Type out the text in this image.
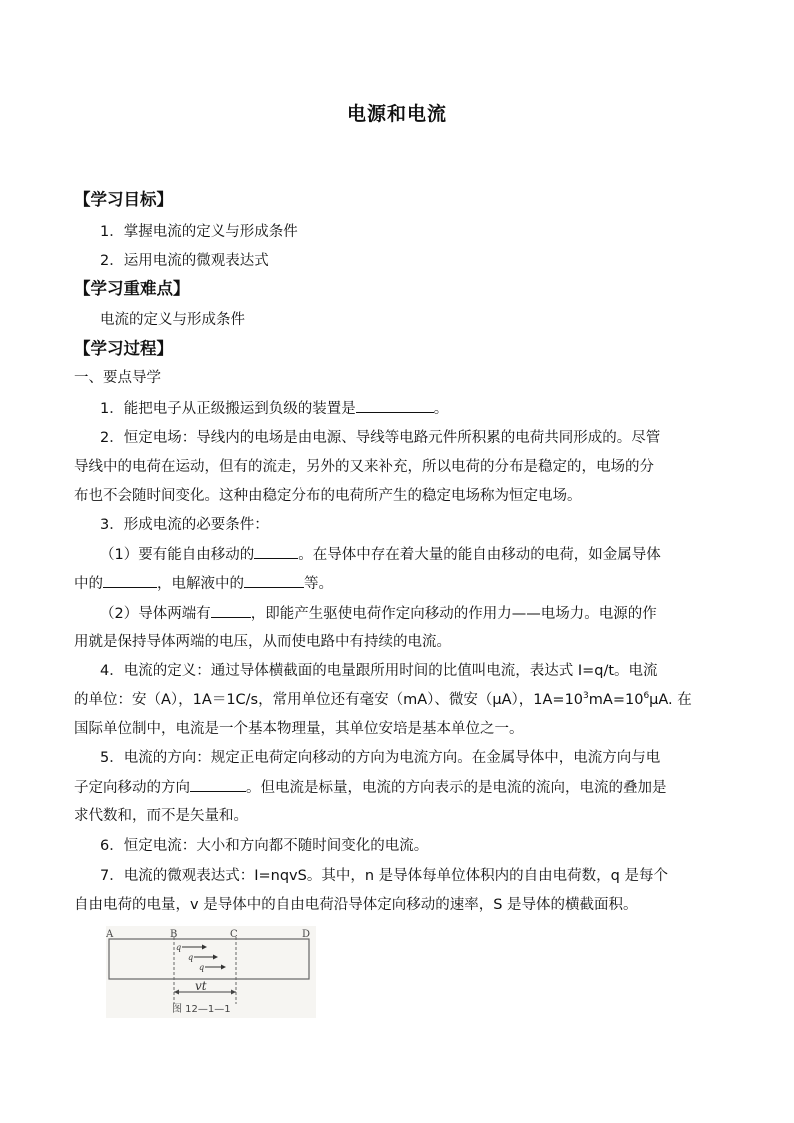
电源和电流
【学习目标】
1．掌握电流的定义与形成条件
2．运用电流的微观表达式
【学习重难点】
电流的定义与形成条件
【学习过程】
一、要点导学
1．能把电子从正级搬运到负级的装置是	。
2．恒定电场：导线内的电场是由电源、导线等电路元件所积累的电荷共同形成的。尽管
导线中的电荷在运动，但有的流走，另外的又来补充，所以电荷的分布是稳定的，电场的分
布也不会随时间变化。这种由稳定分布的电荷所产生的稳定电场称为恒定电场。
3．形成电流的必要条件：
（1）要有能自由移动的	。在导体中存在着大量的能自由移动的电荷，如金属导体
中的	，电解液中的	等。
（2）导体两端有	，即能产生驱使电荷作定向移动的作用力——电场力。电源的作
用就是保持导体两端的电压，从而使电路中有持续的电流。
4．电流的定义：通过导体横截面的电量跟所用时间的比值叫电流，表达式 I=q/t。电流
的单位：安（A），1A＝1C/s，常用单位还有毫安（mA）、微安（μA），$1A=10^3mA=10^6\mu A$. 在
国际单位制中，电流是一个基本物理量，其单位安培是基本单位之一。
5．电流的方向：规定正电荷定向移动的方向为电流方向。在金属导体中，电流方向与电
子定向移动的方向	。但电流是标量，电流的方向表示的是电流的流向，电流的叠加是
求代数和，而不是矢量和。
6．恒定电流：大小和方向都不随时间变化的电流。
7．电流的微观表达式：I=nqvS。其中，n 是导体每单位体积内的自由电荷数，q 是每个
自由电荷的电量，v 是导体中的自由电荷沿导体定向移动的速率，S 是导体的横截面积。
A	B	C	D
q
q
q
vt
图 12—1—1
